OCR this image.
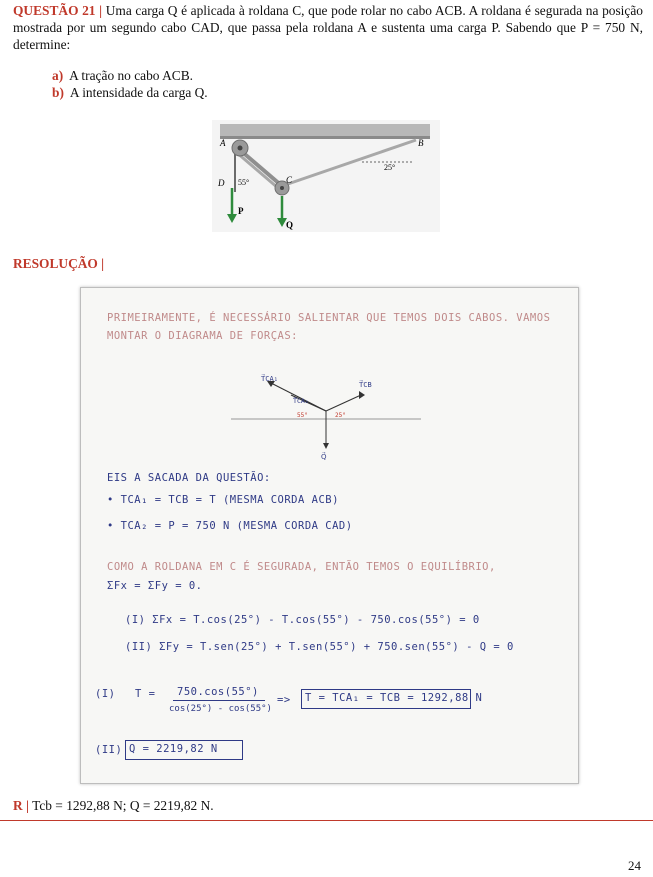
QUESTÃO 21 | Uma carga Q é aplicada à roldana C, que pode rolar no cabo ACB. A roldana é segurada na posição mostrada por um segundo cabo CAD, que passa pela roldana A e sustenta uma carga P. Sabendo que P = 750 N, determine:
a) A tração no cabo ACB.
b) A intensidade da carga Q.
A	B
C
D
P
Q
55°
25°
RESOLUÇÃO |
PRIMEIRAMENTE, É NECESSÁRIO SALIENTAR QUE TEMOS DOIS CABOS. VAMOS
MONTAR O DIAGRAMA DE FORÇAS:
T⃗CA₁
T⃗CA₂
T⃗CB
Q⃗
55°	25°
EIS A SACADA DA QUESTÃO:
• TCA₁ = TCB = T (MESMA CORDA ACB)
• TCA₂ = P = 750 N (MESMA CORDA CAD)
COMO A ROLDANA EM C É SEGURADA, ENTÃO TEMOS O EQUILÍBRIO,
ΣFx = ΣFy = 0.
(I) ΣFx = T.cos(25°) - T.cos(55°) - 750.cos(55°) = 0
(II) ΣFy = T.sen(25°) + T.sen(55°) + 750.sen(55°) - Q = 0
(I) T = 750.cos(55°)
cos(25°) - cos(55°)
=> T = TCA₁ = TCB = 1292,88 N
(II) Q = 2219,82 N
R | Tcb = 1292,88 N; Q = 2219,82 N.
24
